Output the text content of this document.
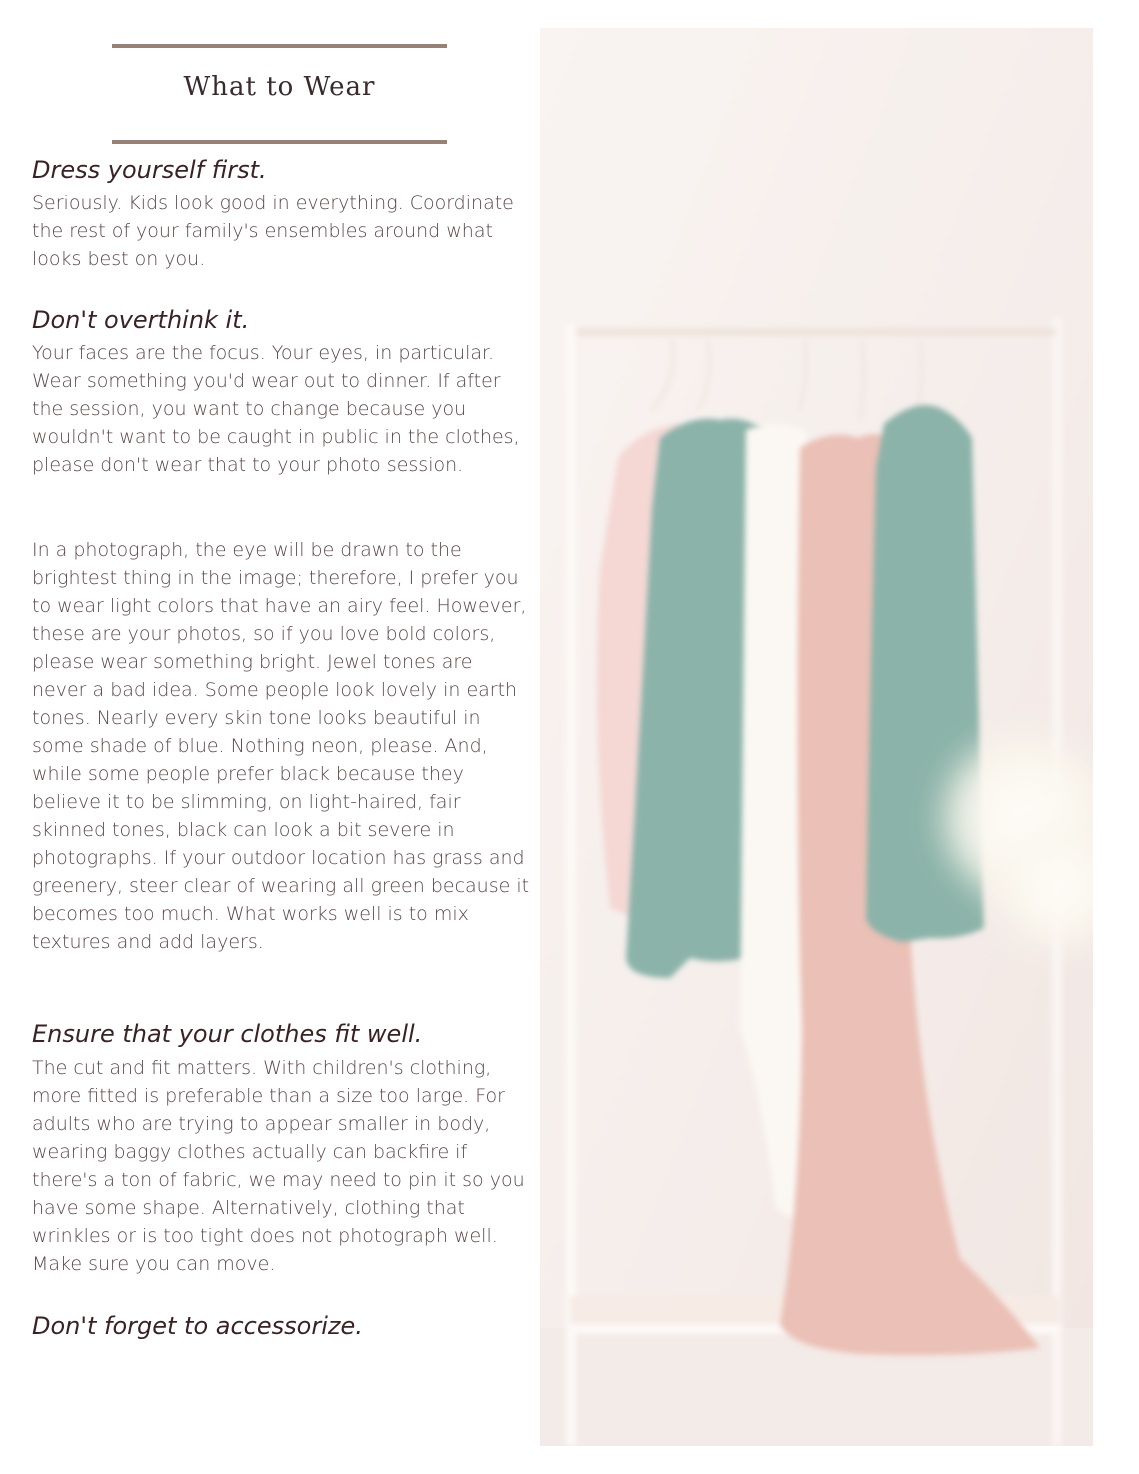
What to Wear
Dress yourself first.
Seriously. Kids look good in everything. Coordinate the rest of your family's ensembles around what looks best on you.
Don't overthink it.
Your faces are the focus. Your eyes, in particular. Wear something you'd wear out to dinner. If after the session, you want to change because you wouldn't want to be caught in public in the clothes, please don't wear that to your photo session.
In a photograph, the eye will be drawn to the brightest thing in the image; therefore, I prefer you to wear light colors that have an airy feel. However, these are your photos, so if you love bold colors, please wear something bright. Jewel tones are never a bad idea. Some people look lovely in earth tones. Nearly every skin tone looks beautiful in some shade of blue. Nothing neon, please. And, while some people prefer black because they believe it to be slimming, on light-haired, fair skinned tones, black can look a bit severe in photographs. If your outdoor location has grass and greenery, steer clear of wearing all green because it becomes too much. What works well is to mix textures and add layers.
Ensure that your clothes fit well.
The cut and fit matters. With children's clothing, more fitted is preferable than a size too large. For adults who are trying to appear smaller in body, wearing baggy clothes actually can backfire if there's a ton of fabric, we may need to pin it so you have some shape. Alternatively, clothing that wrinkles or is too tight does not photograph well. Make sure you can move.
Don't forget to accessorize.
